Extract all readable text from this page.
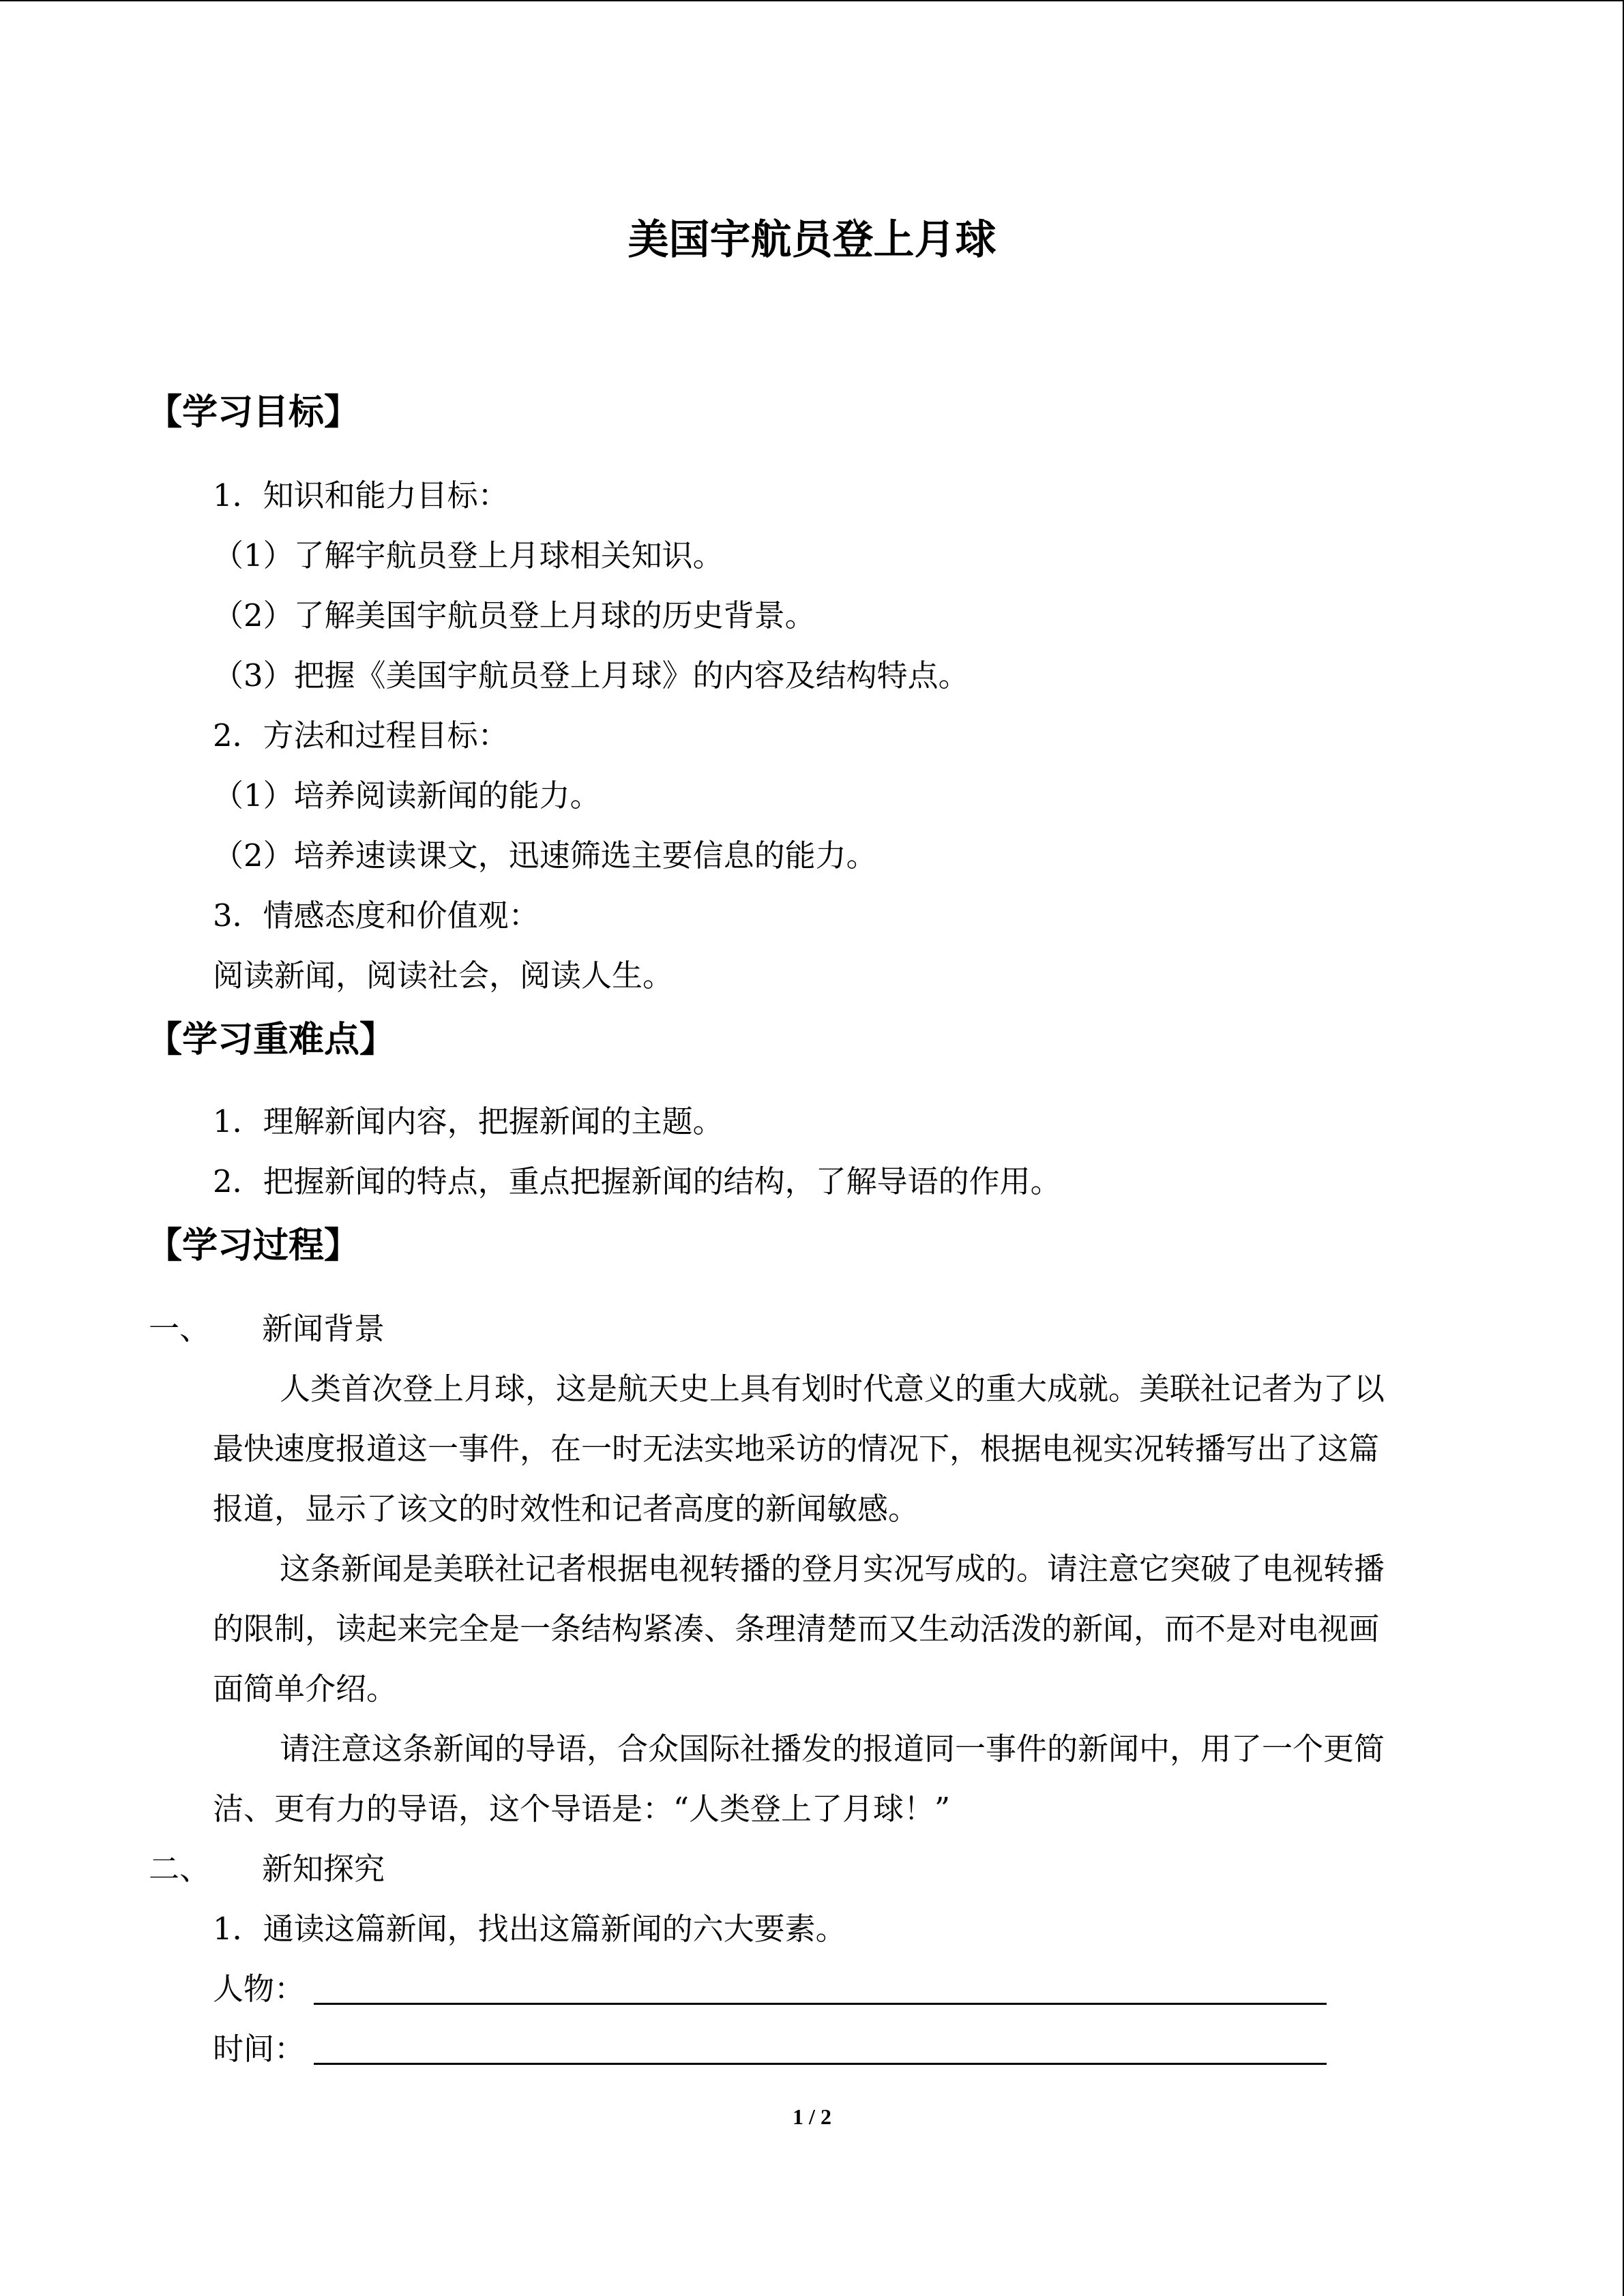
美国宇航员登上月球
【学习目标】
1．知识和能力目标：
（1）了解宇航员登上月球相关知识。
（2）了解美国宇航员登上月球的历史背景。
（3）把握《美国宇航员登上月球》的内容及结构特点。
2．方法和过程目标：
（1）培养阅读新闻的能力。
（2）培养速读课文，迅速筛选主要信息的能力。
3．情感态度和价值观：
阅读新闻，阅读社会，阅读人生。
【学习重难点】
1．理解新闻内容，把握新闻的主题。
2．把握新闻的特点，重点把握新闻的结构，了解导语的作用。
【学习过程】
一、 新闻背景
人类首次登上月球，这是航天史上具有划时代意义的重大成就。美联社记者为了以
最快速度报道这一事件，在一时无法实地采访的情况下，根据电视实况转播写出了这篇
报道，显示了该文的时效性和记者高度的新闻敏感。
这条新闻是美联社记者根据电视转播的登月实况写成的。请注意它突破了电视转播
的限制，读起来完全是一条结构紧凑、条理清楚而又生动活泼的新闻，而不是对电视画
面简单介绍。
请注意这条新闻的导语，合众国际社播发的报道同一事件的新闻中，用了一个更简
洁、更有力的导语，这个导语是：“人类登上了月球！”
二、 新知探究
1．通读这篇新闻，找出这篇新闻的六大要素。
人物：
时间：
1 / 2
